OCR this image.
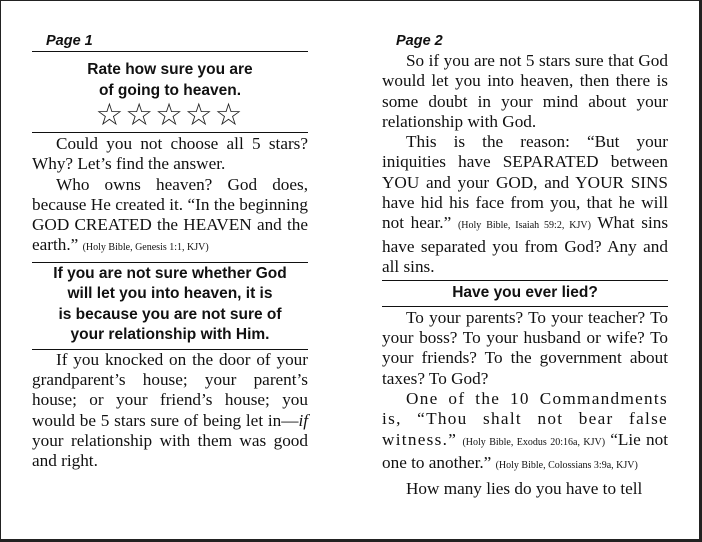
Page 1
Rate how sure you are
of going to heaven.
☆☆☆☆☆

Could you not choose all 5 stars? Why? Let’s find the answer.

Who owns heaven? God does, because He created it. “In the beginning GOD CREATED the HEAVEN and the earth.” (Holy Bible, Genesis 1:1, KJV)

If you are not sure whether God
will let you into heaven, it is
is because you are not sure of
your relationship with Him.

If you knocked on the door of your grandparent’s house; your parent’s house; or your friend’s house; you would be 5 stars sure of being let in—if your relationship with them was good and right.

Page 2

So if you are not 5 stars sure that God would let you into heaven, then there is some doubt in your mind about your relationship with God.

This is the reason: “But your iniquities have SEPARATED between YOU and your GOD, and YOUR SINS have hid his face from you, that he will not hear.” (Holy Bible, Isaiah 59:2, KJV) What sins have separated you from God? Any and all sins.

Have you ever lied?

To your parents? To your teacher? To your boss? To your husband or wife? To your friends? To the government about taxes? To God?

One of the 10 Commandments is, “Thou shalt not bear false witness.” (Holy Bible, Exodus 20:16a, KJV) “Lie not one to another.” (Holy Bible, Colossians 3:9a, KJV)

How many lies do you have to tell
